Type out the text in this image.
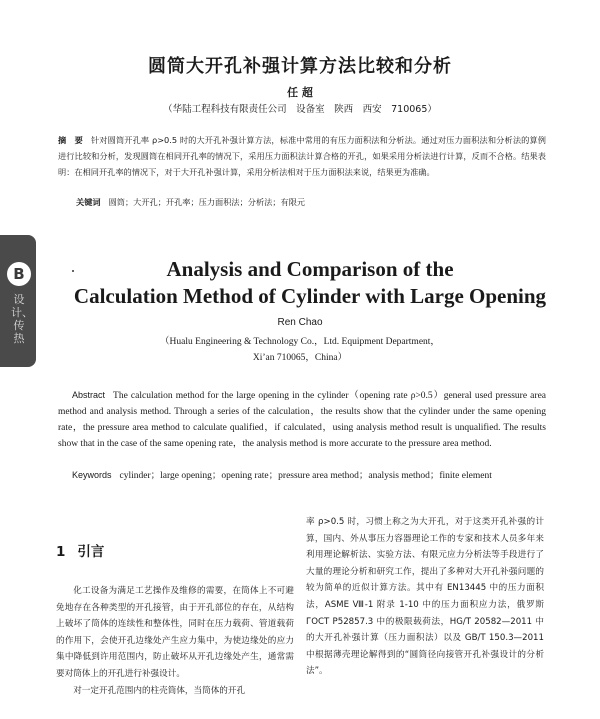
圆筒大开孔补强计算方法比较和分析
任 超
（华陆工程科技有限责任公司　设备室　陕西　西安　710065）
摘　要 针对圆筒开孔率 ρ>0.5 时的大开孔补强计算方法，标准中常用的有压力面积法和分析法。通过对压力面积法和分析法的算例进行比较和分析，发现圆筒在相同开孔率的情况下，采用压力面积法计算合格的开孔，如果采用分析法进行计算，反而不合格。结果表明：在相同开孔率的情况下，对于大开孔补强计算，采用分析法相对于压力面积法来说，结果更为准确。
关键词 圆筒；大开孔；开孔率；压力面积法；分析法；有限元
B
设计、传热
Analysis and Comparison of the
Calculation Method of Cylinder with Large Opening
Ren Chao
（Hualu Engineering & Technology Co.，Ltd. Equipment Department，
Xi’an 710065，China）
Abstract The calculation method for the large opening in the cylinder（opening rate ρ>0.5）general used pressure area method and analysis method. Through a series of the calculation，the results show that the cylinder under the same opening rate，the pressure area method to calculate qualified，if calculated，using analysis method result is unqualified. The results show that in the case of the same opening rate，the analysis method is more accurate to the pressure area method.
Keywords cylinder；large opening；opening rate；pressure area method；analysis method；finite element
1 引言

化工设备为满足工艺操作及维修的需要，在筒体上不可避免地存在各种类型的开孔接管，由于开孔部位的存在，从结构上破坏了筒体的连续性和整体性，同时在压力载荷、管道载荷的作用下，会使开孔边缘处产生应力集中，为使边缘处的应力集中降低到许用范围内，防止破坏从开孔边缘处产生，通常需要对筒体上的开孔进行补强设计。

对一定开孔范围内的柱壳筒体，当筒体的开孔

率 ρ>0.5 时，习惯上称之为大开孔，对于这类开孔补强的计算，国内、外从事压力容器理论工作的专家和技术人员多年来利用理论解析法、实验方法、有限元应力分析法等手段进行了大量的理论分析和研究工作，提出了多种对大开孔补强问题的较为简单的近似计算方法。其中有 EN13445 中的压力面积法，ASME Ⅷ-1 附录 1-10 中的压力面积应力法，俄罗斯 ГОСТ P52857.3 中的极限载荷法，HG/T 20582—2011 中的大开孔补强计算（压力面积法）以及 GB/T 150.3—2011 中根据薄壳理论解得到的“圆筒径向接管开孔补强设计的分析法”。
